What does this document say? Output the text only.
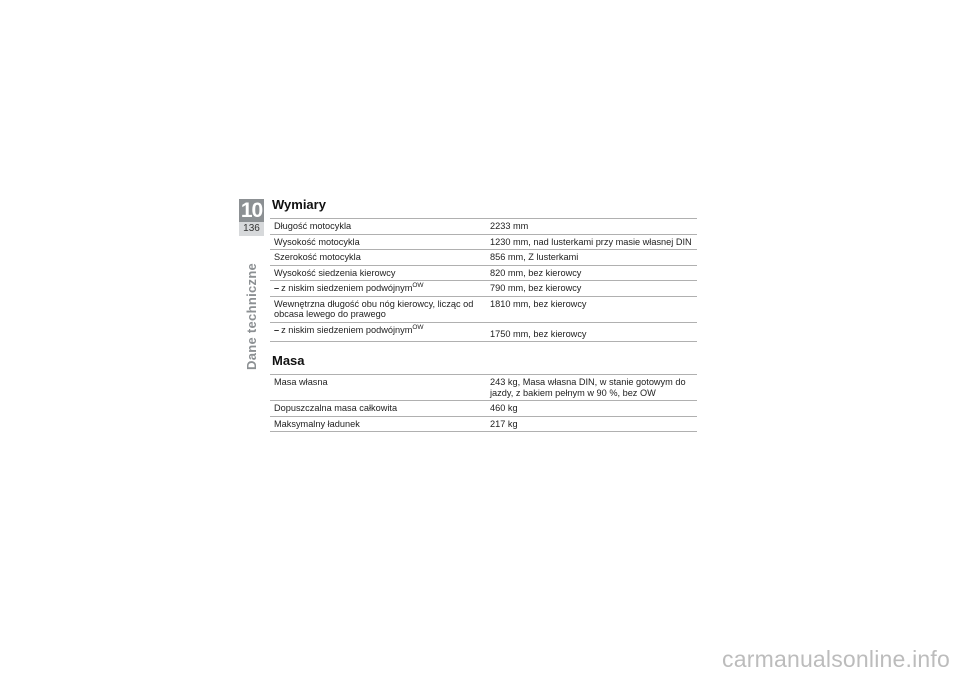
10
136
Dane techniczne
Wymiary
Długość motocykla	2233 mm
Wysokość motocykla	1230 mm, nad lusterkami przy masie własnej DIN
Szerokość motocykla	856 mm, Z lusterkami
Wysokość siedzenia kierowcy	820 mm, bez kierowcy
– z niskim siedzeniem podwójnym$^{OW}$	790 mm, bez kierowcy
Wewnętrzna długość obu nóg kierowcy, licząc od obcasa lewego do prawego	1810 mm, bez kierowcy
– z niskim siedzeniem podwójnym$^{OW}$	1750 mm, bez kierowcy
Masa
Masa własna	243 kg, Masa własna DIN, w stanie gotowym do jazdy, z bakiem pełnym w 90 %, bez OW
Dopuszczalna masa całkowita	460 kg
Maksymalny ładunek	217 kg
carmanualsonline.info
